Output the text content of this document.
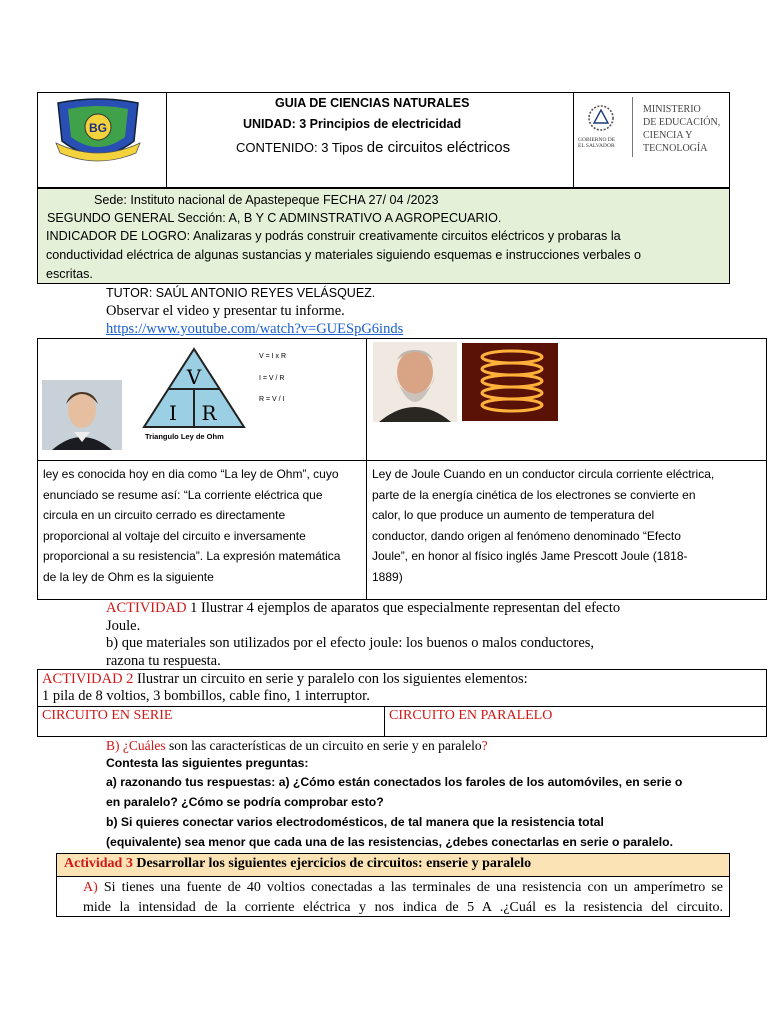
BG
GUIA DE CIENCIAS NATURALES
UNIDAD: 3 Principios de electricidad
CONTENIDO: 3 Tipos de circuitos eléctricos	GOBIERNO DE
EL SALVADOR
MINISTERIO
DE EDUCACIÓN,
CIENCIA Y
TECNOLOGÍA
Sede: Instituto nacional de Apastepeque FECHA 27/ 04 /2023
SEGUNDO GENERAL Sección: A, B Y C ADMINSTRATIVO A AGROPECUARIO.
INDICADOR DE LOGRO: Analizaras y podrás construir creativamente circuitos eléctricos y probaras la
conductividad eléctrica de algunas sustancias y materiales siguiendo esquemas e instrucciones verbales o
escritas.
TUTOR: SAÚL ANTONIO REYES VELÁSQUEZ.
Observar el video y presentar tu informe.
https://www.youtube.com/watch?v=GUESpG6inds
V
I R
Triangulo Ley de Ohm
V = I x R
I = V / R
R = V / I
ley es conocida hoy en dia como “La ley de Ohm”, cuyo
enunciado se resume así: “La corriente eléctrica que
circula en un circuito cerrado es directamente
proporcional al voltaje del circuito e inversamente
proporcional a su resistencia”. La expresión matemática
de la ley de Ohm es la siguiente
Ley de Joule Cuando en un conductor circula corriente eléctrica,
parte de la energía cinética de los electrones se convierte en
calor, lo que produce un aumento de temperatura del
conductor, dando origen al fenómeno denominado “Efecto
Joule”, en honor al físico inglés Jame Prescott Joule (1818-
1889)
ACTIVIDAD 1 Ilustrar 4 ejemplos de aparatos que especialmente representan del efecto
Joule.
b) que materiales son utilizados por el efecto joule: los buenos o malos conductores,
razona tu respuesta.
ACTIVIDAD 2 Ilustrar un circuito en serie y paralelo con los siguientes elementos:
1 pila de 8 voltios, 3 bombillos, cable fino, 1 interruptor.
CIRCUITO EN SERIE	CIRCUITO EN PARALELO
B) ¿Cuáles son las características de un circuito en serie y en paralelo?
Contesta las siguientes preguntas:
a) razonando tus respuestas: a) ¿Cómo están conectados los faroles de los automóviles, en serie o
en paralelo? ¿Cómo se podría comprobar esto?
b) Si quieres conectar varios electrodomésticos, de tal manera que la resistencia total
(equivalente) sea menor que cada una de las resistencias, ¿debes conectarlas en serie o paralelo.
Actividad 3 Desarrollar los siguientes ejercicios de circuitos: enserie y paralelo
A) Si tienes una fuente de 40 voltios conectadas a las terminales de una resistencia con un amperímetro se
mide la intensidad de la corriente eléctrica y nos indica de 5 A .¿Cuál es la resistencia del circuito.
